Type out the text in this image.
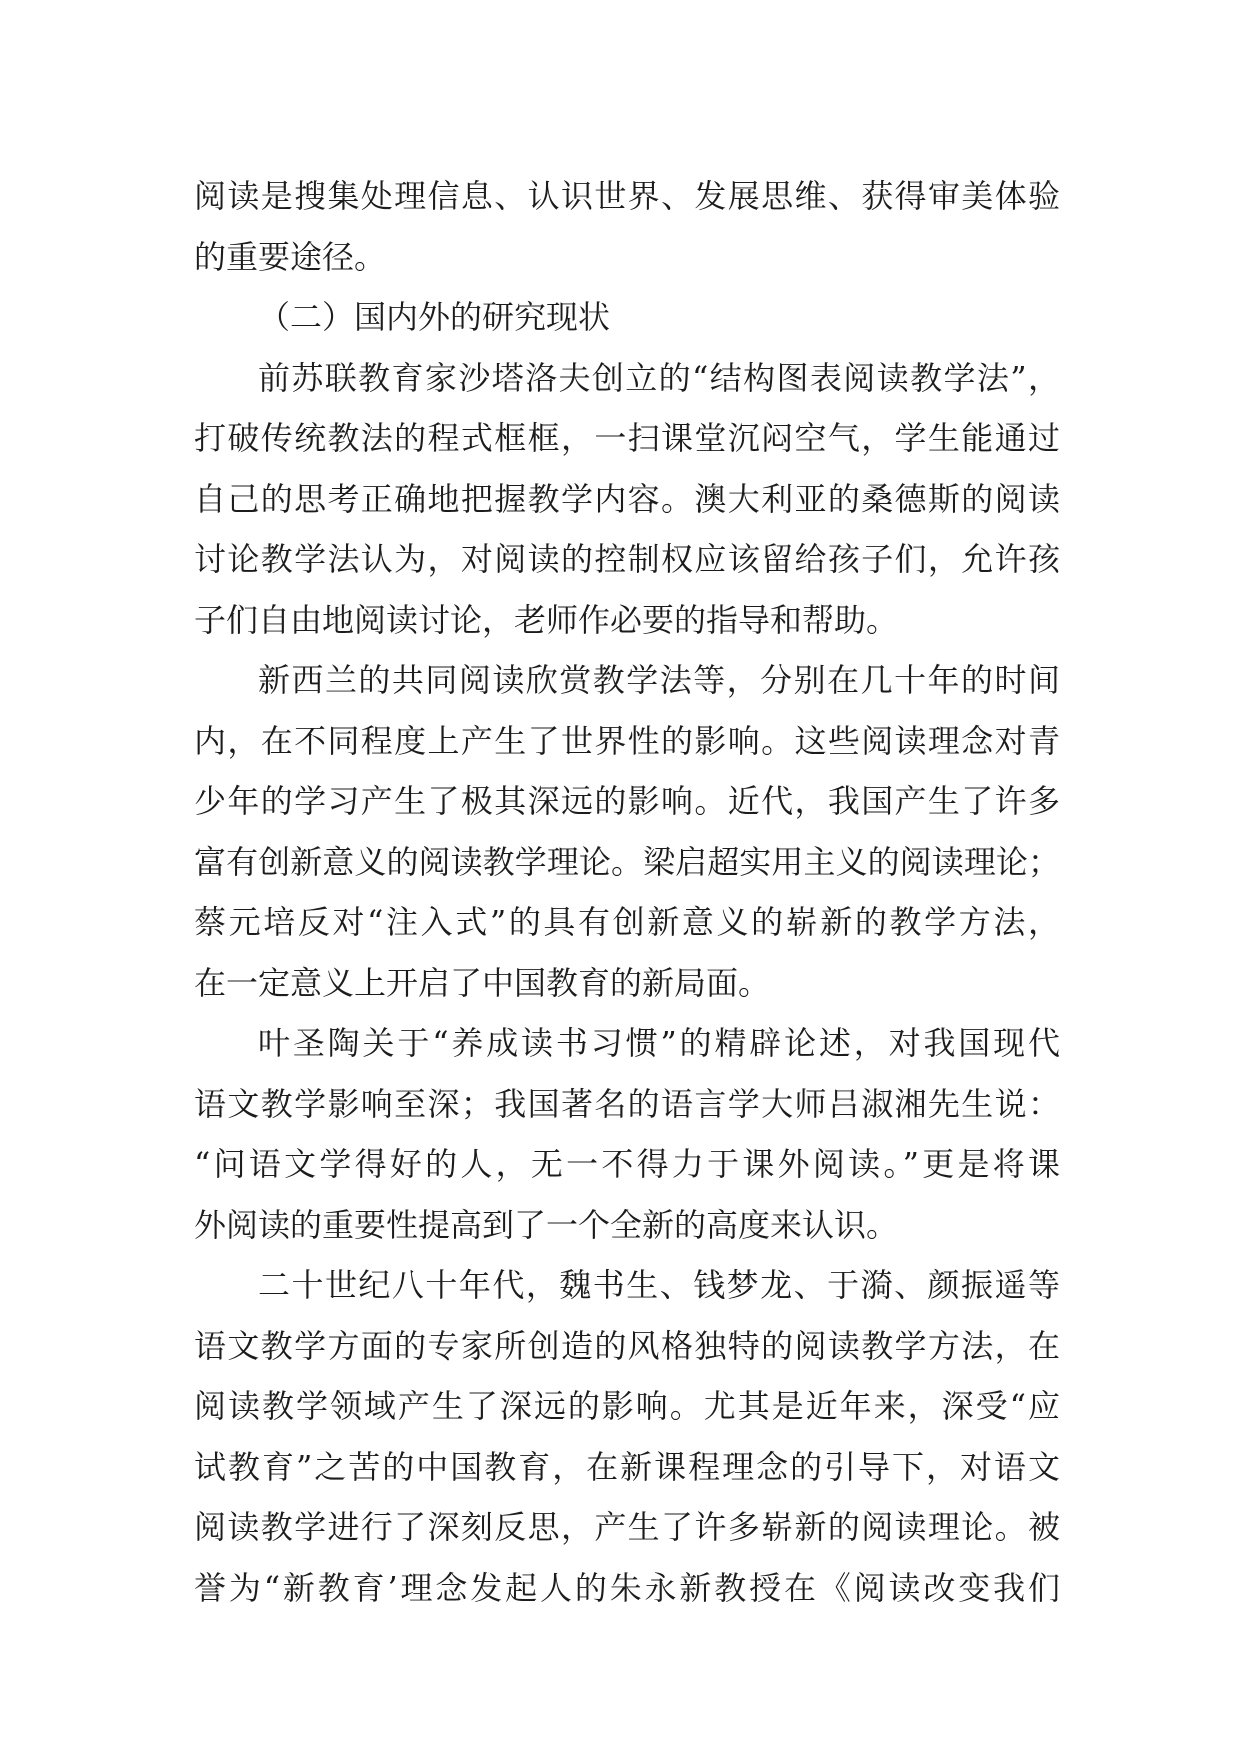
阅读是搜集处理信息、认识世界、发展思维、获得审美体验
的重要途径。
（二）国内外的研究现状
前苏联教育家沙塔洛夫创立的“结构图表阅读教学法”，
打破传统教法的程式框框，一扫课堂沉闷空气，学生能通过
自己的思考正确地把握教学内容。澳大利亚的桑德斯的阅读
讨论教学法认为，对阅读的控制权应该留给孩子们，允许孩
子们自由地阅读讨论，老师作必要的指导和帮助。
新西兰的共同阅读欣赏教学法等，分别在几十年的时间
内，在不同程度上产生了世界性的影响。这些阅读理念对青
少年的学习产生了极其深远的影响。近代，我国产生了许多
富有创新意义的阅读教学理论。梁启超实用主义的阅读理论；
蔡元培反对“注入式”的具有创新意义的崭新的教学方法，
在一定意义上开启了中国教育的新局面。
叶圣陶关于“养成读书习惯”的精辟论述，对我国现代
语文教学影响至深；我国著名的语言学大师吕淑湘先生说：
“问语文学得好的人，无一不得力于课外阅读。”更是将课
外阅读的重要性提高到了一个全新的高度来认识。
二十世纪八十年代，魏书生、钱梦龙、于漪、颜振遥等
语文教学方面的专家所创造的风格独特的阅读教学方法，在
阅读教学领域产生了深远的影响。尤其是近年来，深受“应
试教育”之苦的中国教育，在新课程理念的引导下，对语文
阅读教学进行了深刻反思，产生了许多崭新的阅读理论。被
誉为“新教育’理念发起人的朱永新教授在《阅读改变我们
